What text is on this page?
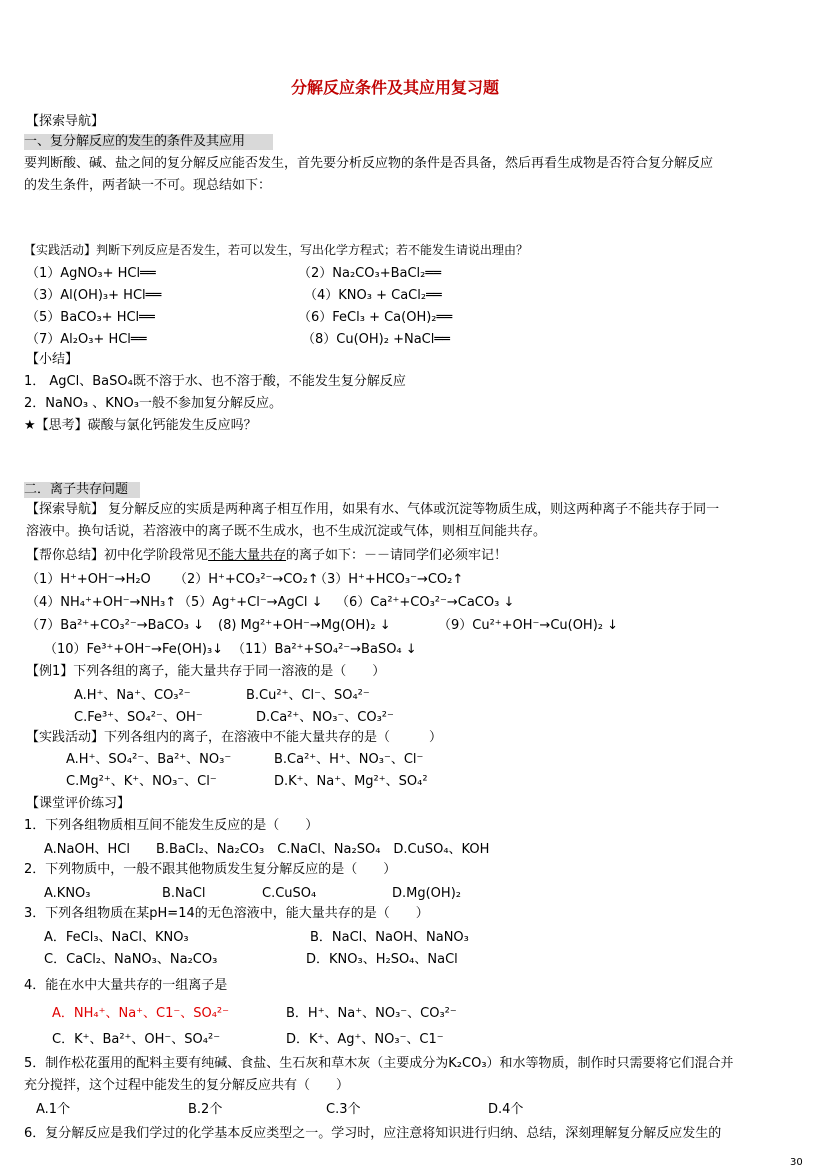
分解反应条件及其应用复习题
【探索导航】
一、复分解反应的发生的条件及其应用
要判断酸、碱、盐之间的复分解反应能否发生，首先要分析反应物的条件是否具备，然后再看生成物是否符合复分解反应
的发生条件，两者缺一不可。现总结如下：
【实践活动】判断下列反应是否发生，若可以发生，写出化学方程式；若不能发生请说出理由？
（1）AgNO₃+ HCl══	（2）Na₂CO₃+BaCl₂══
（3）Al(OH)₃+ HCl══	（4）KNO₃ + CaCl₂══
（5）BaCO₃+ HCl══	（6）FeCl₃ + Ca(OH)₂══
（7）Al₂O₃+ HCl══	（8）Cu(OH)₂ +NaCl══
【小结】
1． AgCl、BaSO₄既不溶于水、也不溶于酸，不能发生复分解反应
2．NaNO₃ 、KNO₃一般不参加复分解反应。
★【思考】碳酸与氯化钙能发生反应吗？
二．离子共存问题
【探索导航】 复分解反应的实质是两种离子相互作用，如果有水、气体或沉淀等物质生成，则这两种离子不能共存于同一
溶液中。换句话说，若溶液中的离子既不生成水，也不生成沉淀或气体，则相互间能共存。
【帮你总结】初中化学阶段常见不能大量共存的离子如下：－－请同学们必须牢记！
（1）H⁺+OH⁻→H₂O （2）H⁺+CO₃²⁻→CO₂↑
（3）H⁺+HCO₃⁻→CO₂↑
（4）NH₄⁺+OH⁻→NH₃↑ （5）Ag⁺+Cl⁻→AgCl ↓ （6）Ca²⁺+CO₃²⁻→CaCO₃ ↓
（7）Ba²⁺+CO₃²⁻→BaCO₃ ↓ (8) Mg²⁺+OH⁻→Mg(OH)₂ ↓	（9）Cu²⁺+OH⁻→Cu(OH)₂ ↓
（10）Fe³⁺+OH⁻→Fe(OH)₃↓ （11）Ba²⁺+SO₄²⁻→BaSO₄ ↓
【例1】下列各组的离子，能大量共存于同一溶液的是（　　）
A.H⁺、Na⁺、CO₃²⁻	B.Cu²⁺、Cl⁻、SO₄²⁻
C.Fe³⁺、SO₄²⁻、OH⁻	D.Ca²⁺、NO₃⁻、CO₃²⁻
【实践活动】下列各组内的离子，在溶液中不能大量共存的是（　　　）
A.H⁺、SO₄²⁻、Ba²⁺、NO₃⁻	B.Ca²⁺、H⁺、NO₃⁻、Cl⁻
C.Mg²⁺、K⁺、NO₃⁻、Cl⁻	D.K⁺、Na⁺、Mg²⁺、SO₄²
【课堂评价练习】
1．下列各组物质相互间不能发生反应的是（　　）
A.NaOH、HCl　　B.BaCl₂、Na₂CO₃　C.NaCl、Na₂SO₄　D.CuSO₄、KOH
2．下列物质中，一般不跟其他物质发生复分解反应的是（　　）
A.KNO₃	B.NaCl	C.CuSO₄	D.Mg(OH)₂
3．下列各组物质在某pH=14的无色溶液中，能大量共存的是（　　）
A．FeCl₃、NaCl、KNO₃	B．NaCl、NaOH、NaNO₃
C．CaCl₂、NaNO₃、Na₂CO₃	D．KNO₃、H₂SO₄、NaCl
4．能在水中大量共存的一组离子是
A．NH₄⁺、Na⁺、C1⁻、SO₄²⁻	B．H⁺、Na⁺、NO₃⁻、CO₃²⁻
C．K⁺、Ba²⁺、OH⁻、SO₄²⁻	D．K⁺、Ag⁺、NO₃⁻、C1⁻
5．制作松花蛋用的配料主要有纯碱、食盐、生石灰和草木灰（主要成分为K₂CO₃）和水等物质，制作时只需要将它们混合并
充分搅拌，这个过程中能发生的复分解反应共有（　　）
A.1个	B.2个	C.3个	D.4个
6．复分解反应是我们学过的化学基本反应类型之一。学习时，应注意将知识进行归纳、总结，深刻理解复分解反应发生的
30
